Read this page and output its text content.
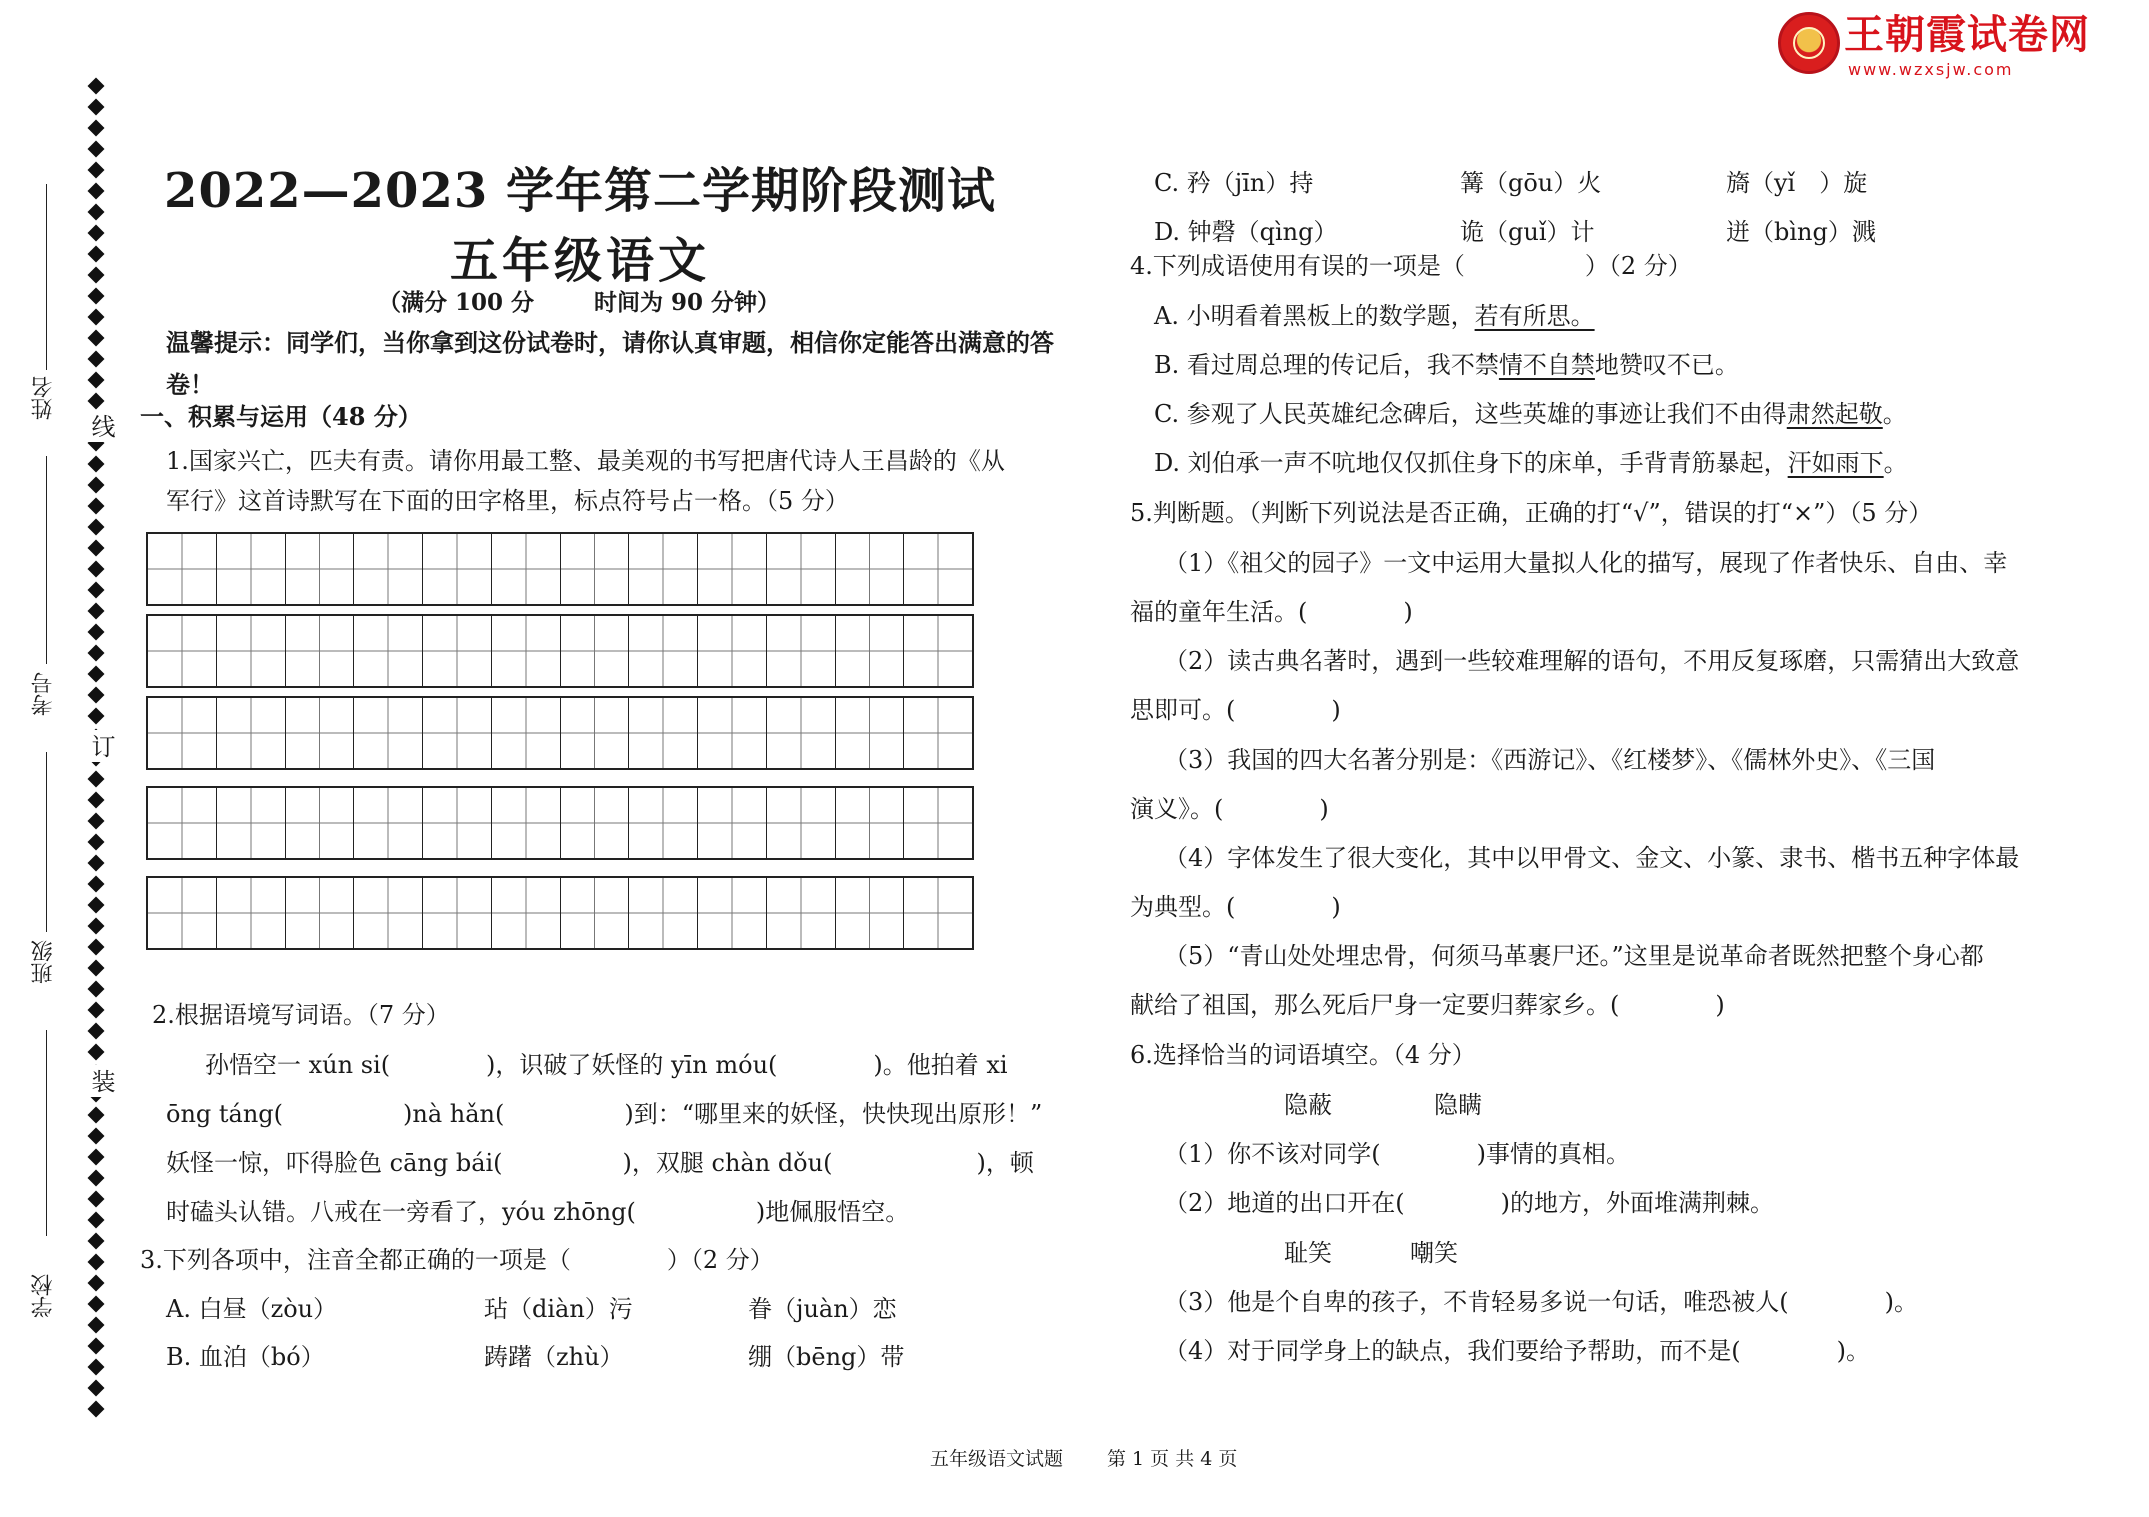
王朝霞试卷网
www.wzxsjw.com
线
订
装
姓名
考号
班级
学校
2022—2023 学年第二学期阶段测试
五年级语文
（满分 100 分	时间为 90 分钟）
温馨提示：同学们，当你拿到这份试卷时，请你认真审题，相信你定能答出满意的答卷！
一、积累与运用（48 分）
1.国家兴亡，匹夫有责。请你用最工整、最美观的书写把唐代诗人王昌龄的《从
军行》这首诗默写在下面的田字格里，标点符号占一格。（5 分）
2.根据语境写词语。（7 分）
孙悟空一 xún si(　　　　)，识破了妖怪的 yīn móu(　　　　)。他拍着 xi
ōng táng(　　　　　)nà hǎn(　　　　　)到：“哪里来的妖怪，快快现出原形！”
妖怪一惊，吓得脸色 cāng bái(　　　　　)，双腿 chàn dǒu(　　　　　　)，顿
时磕头认错。八戒在一旁看了，yóu zhōng(　　　　　)地佩服悟空。
3.下列各项中，注音全都正确的一项是（　　　　）（2 分）
A. 白昼（zòu）	玷（diàn）污	眷（juàn）恋
B. 血泊（bó）	踌躇（zhù）	绷（bēng）带
C. 矜（jīn）持	篝（gōu）火	旖（yǐ　）旋
D. 钟磬（qìng）	诡（guǐ）计	迸（bìng）溅
4.下列成语使用有误的一项是（　　　　　）（2 分）
A. 小明看着黑板上的数学题，若有所思。
B. 看过周总理的传记后，我不禁情不自禁地赞叹不已。
C. 参观了人民英雄纪念碑后，这些英雄的事迹让我们不由得肃然起敬。
D. 刘伯承一声不吭地仅仅抓住身下的床单，手背青筋暴起，汗如雨下。
5.判断题。（判断下列说法是否正确，正确的打“√”，错误的打“×”）（5 分）
（1）《祖父的园子》一文中运用大量拟人化的描写，展现了作者快乐、自由、幸
福的童年生活。(　　　　)
（2）读古典名著时，遇到一些较难理解的语句，不用反复琢磨，只需猜出大致意
思即可。(　　　　)
（3）我国的四大名著分别是：《西游记》、《红楼梦》、《儒林外史》、《三国
演义》。(　　　　)
（4）字体发生了很大变化，其中以甲骨文、金文、小篆、隶书、楷书五种字体最
为典型。(　　　　)
（5）“青山处处埋忠骨，何须马革裹尸还。”这里是说革命者既然把整个身心都
献给了祖国，那么死后尸身一定要归葬家乡。(　　　　)
6.选择恰当的词语填空。（4 分）
隐蔽	隐瞒
（1）你不该对同学(　　　　)事情的真相。
（2）地道的出口开在(　　　　)的地方，外面堆满荆棘。
耻笑	嘲笑
（3）他是个自卑的孩子，不肯轻易多说一句话，唯恐被人(　　　　)。
（4）对于同学身上的缺点，我们要给予帮助，而不是(　　　　)。
五年级语文试题 第 1 页 共 4 页
